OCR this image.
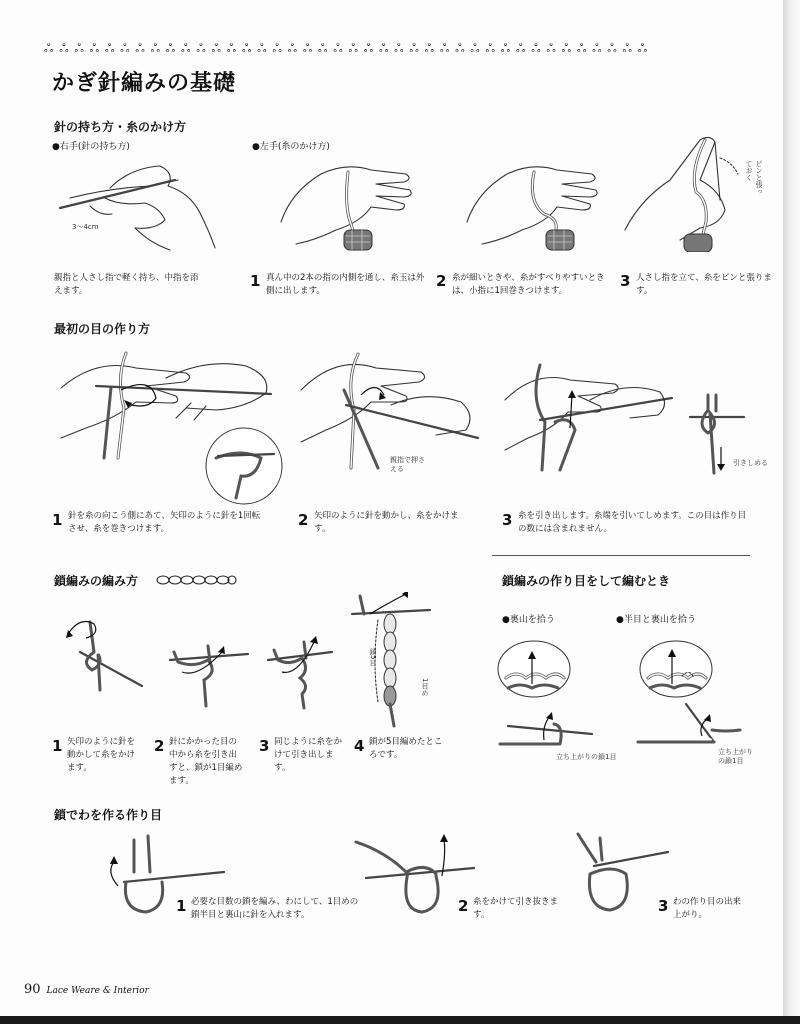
ஃ ஃ ஃ ஃ ஃ ஃ ஃ ஃ ஃ ஃ ஃ ஃ ஃ ஃ ஃ ஃ ஃ ஃ ஃ ஃ ஃ ஃ ஃ ஃ ஃ ஃ ஃ ஃ ஃ ஃ ஃ ஃ ஃ ஃ ஃ ஃ ஃ ஃ ஃ ஃ
かぎ針編みの基礎
針の持ち方・糸のかけ方
●右手(針の持ち方)	●左手(糸のかけ方)
3～4cm
ピンと張っておく
親指と人さし指で軽く持ち、中指を添えます。
1 真ん中の2本の指の内側を通し、糸玉は外側に出します。
2 糸が細いときや、糸がすべりやすいときは、小指に1回巻きつけます。
3 人さし指を立て、糸をピンと張ります。
最初の目の作り方
親指で押さえる
引きしめる
1 針を糸の向こう側にあて、矢印のように針を1回転させ、糸を巻きつけます。	2 矢印のように針を動かし、糸をかけます。	3 糸を引き出します。糸端を引いてしめます。この目は作り目の数には含まれません。
鎖編みの編み方
鎖5目
1目め
1 矢印のように針を動かして糸をかけます。
2 針にかかった目の中から糸を引き出すと、鎖が1目編めます。
3 同じように糸をかけて引き出します。
4 鎖が5目編めたところです。
鎖編みの作り目をして編むとき
●裏山を拾う	●半目と裏山を拾う
立ち上がりの鎖1目
立ち上がりの鎖1目
鎖でわを作る作り目
1 必要な目数の鎖を編み、わにして、1目めの鎖半目と裏山に針を入れます。	2 糸をかけて引き抜きます。	3 わの作り目の出来上がり。
90 Lace Weare & Interior
